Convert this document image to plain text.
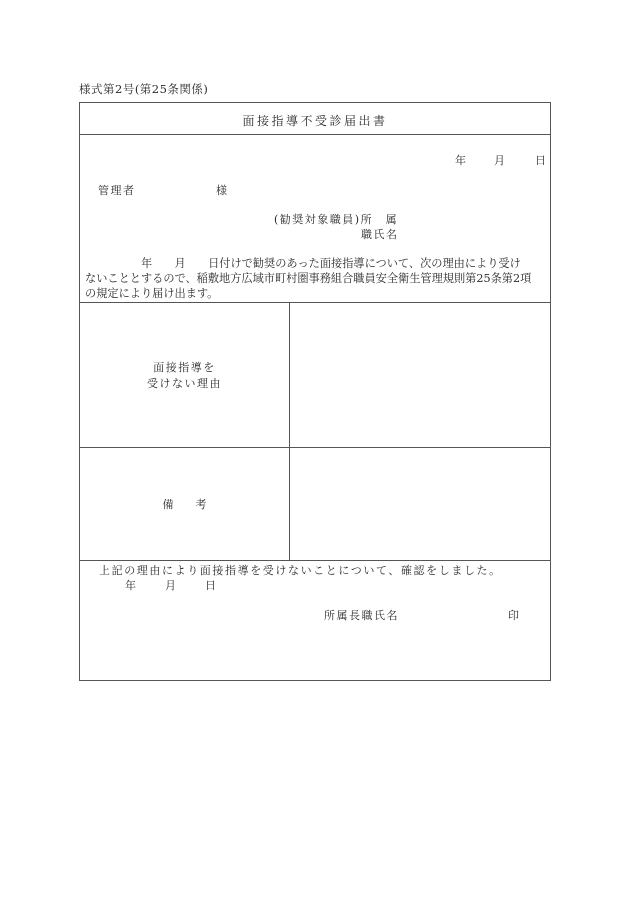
様式第2号(第25条関係)
面接指導不受診届出書
年	月	日
管理者	様
(勧奨対象職員)所　属
職氏名
　　　　　年　　月　　日付けで勧奨のあった面接指導について、次の理由により受け
ないこととするので、稲敷地方広域市町村圏事務組合職員安全衛生管理規則第25条第2項
の規定により届け出ます。
面接指導を
受けない理由
備　　考
上記の理由により面接指導を受けないことについて、確認をしました。
年	月	日
所属長職氏名	印
